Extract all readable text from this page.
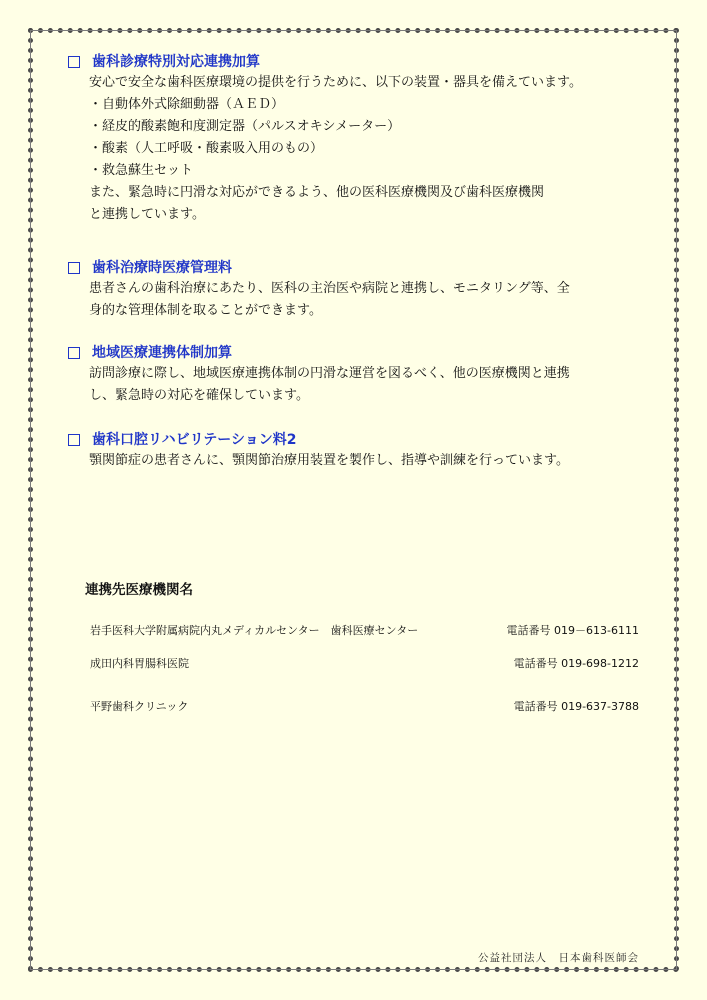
歯科診療特別対応連携加算
安心で安全な歯科医療環境の提供を行うために、以下の装置・器具を備えています。
・自動体外式除細動器（ＡＥＤ）
・経皮的酸素飽和度測定器（パルスオキシメーター）
・酸素（人工呼吸・酸素吸入用のもの）
・救急蘇生セット
また、緊急時に円滑な対応ができるよう、他の医科医療機関及び歯科医療機関
と連携しています。
歯科治療時医療管理料
患者さんの歯科治療にあたり、医科の主治医や病院と連携し、モニタリング等、全
身的な管理体制を取ることができます。
地域医療連携体制加算
訪問診療に際し、地域医療連携体制の円滑な運営を図るべく、他の医療機関と連携
し、緊急時の対応を確保しています。
歯科口腔リハビリテーション料2
顎関節症の患者さんに、顎関節治療用装置を製作し、指導や訓練を行っています。
連携先医療機関名
岩手医科大学附属病院内丸メディカルセンター　歯科医療センター	電話番号 019－613-6111
成田内科胃腸科医院	電話番号 019-698-1212
平野歯科クリニック	電話番号 019-637-3788
公益社団法人　日本歯科医師会
